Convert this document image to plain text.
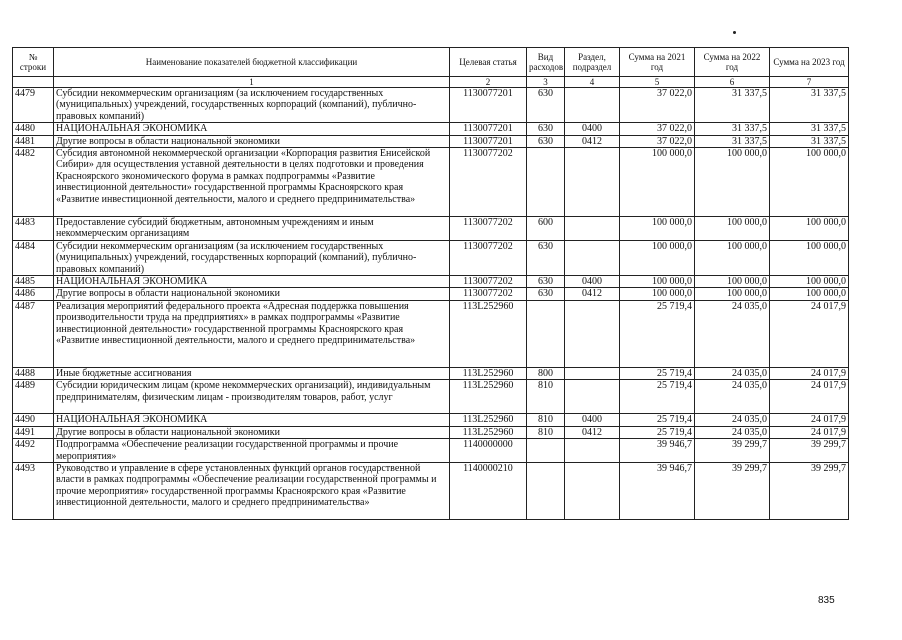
№ строки	Наименование показателей бюджетной классификации	Целевая статья	Вид расходов	Раздел, подраздел	Сумма на 2021 год	Сумма на 2022 год	Сумма на 2023 год
	1	2	3	4	5	6	7
4479	Субсидии некоммерческим организациям (за исключением государственных (муниципальных) учреждений, государственных корпораций (компаний), публично-правовых компаний)	1130077201	630		37 022,0	31 337,5	31 337,5
4480	НАЦИОНАЛЬНАЯ ЭКОНОМИКА	1130077201	630	0400	37 022,0	31 337,5	31 337,5
4481	Другие вопросы в области национальной экономики	1130077201	630	0412	37 022,0	31 337,5	31 337,5
4482	Субсидия автономной некоммерческой организации «Корпорация развития Енисейской Сибири» для осуществления уставной деятельности в целях подготовки и проведения Красноярского экономического форума в рамках подпрограммы «Развитие инвестиционной деятельности» государственной программы Красноярского края «Развитие инвестиционной деятельности, малого и среднего предпринимательства»	1130077202			100 000,0	100 000,0	100 000,0
4483	Предоставление субсидий бюджетным, автономным учреждениям и иным некоммерческим организациям	1130077202	600		100 000,0	100 000,0	100 000,0
4484	Субсидии некоммерческим организациям (за исключением государственных (муниципальных) учреждений, государственных корпораций (компаний), публично-правовых компаний)	1130077202	630		100 000,0	100 000,0	100 000,0
4485	НАЦИОНАЛЬНАЯ ЭКОНОМИКА	1130077202	630	0400	100 000,0	100 000,0	100 000,0
4486	Другие вопросы в области национальной экономики	1130077202	630	0412	100 000,0	100 000,0	100 000,0
4487	Реализация мероприятий федерального проекта «Адресная поддержка повышения производительности труда на предприятиях» в рамках подпрограммы «Развитие инвестиционной деятельности» государственной программы Красноярского края «Развитие инвестиционной деятельности, малого и среднего предпринимательства»	113L252960			25 719,4	24 035,0	24 017,9
4488	Иные бюджетные ассигнования	113L252960	800		25 719,4	24 035,0	24 017,9
4489	Субсидии юридическим лицам (кроме некоммерческих организаций), индивидуальным предпринимателям, физическим лицам - производителям товаров, работ, услуг	113L252960	810		25 719,4	24 035,0	24 017,9
4490	НАЦИОНАЛЬНАЯ ЭКОНОМИКА	113L252960	810	0400	25 719,4	24 035,0	24 017,9
4491	Другие вопросы в области национальной экономики	113L252960	810	0412	25 719,4	24 035,0	24 017,9
4492	Подпрограмма «Обеспечение реализации государственной программы и прочие мероприятия»	1140000000			39 946,7	39 299,7	39 299,7
4493	Руководство и управление в сфере установленных функций органов государственной власти в рамках подпрограммы «Обеспечение реализации государственной программы и прочие мероприятия» государственной программы Красноярского края «Развитие инвестиционной деятельности, малого и среднего предпринимательства»	1140000210			39 946,7	39 299,7	39 299,7
835
